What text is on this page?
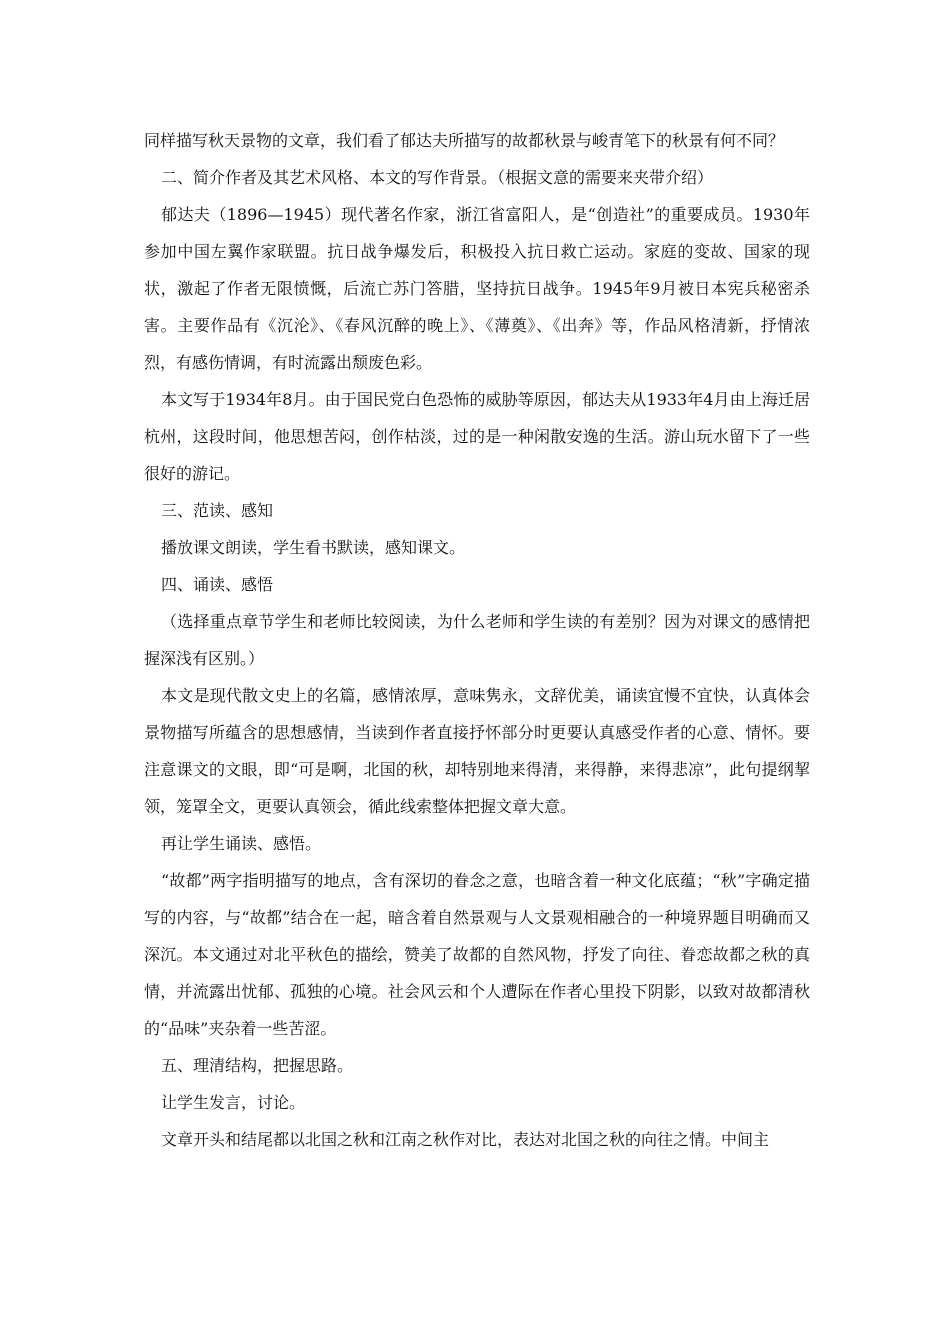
同样描写秋天景物的文章，我们看了郁达夫所描写的故都秋景与峻青笔下的秋景有何不同？

二、简介作者及其艺术风格、本文的写作背景。（根据文意的需要来夹带介绍）

郁达夫（1896—1945）现代著名作家，浙江省富阳人，是“创造社”的重要成员。1930年参加中国左翼作家联盟。抗日战争爆发后，积极投入抗日救亡运动。家庭的变故、国家的现状，激起了作者无限愤慨，后流亡苏门答腊，坚持抗日战争。1945年9月被日本宪兵秘密杀害。主要作品有《沉沦》、《春风沉醉的晚上》、《薄奠》、《出奔》等，作品风格清新，抒情浓烈，有感伤情调，有时流露出颓废色彩。

本文写于1934年8月。由于国民党白色恐怖的威胁等原因，郁达夫从1933年4月由上海迁居杭州，这段时间，他思想苦闷，创作枯淡，过的是一种闲散安逸的生活。游山玩水留下了一些很好的游记。

三、范读、感知

播放课文朗读，学生看书默读，感知课文。

四、诵读、感悟

（选择重点章节学生和老师比较阅读，为什么老师和学生读的有差别？因为对课文的感情把握深浅有区别。）

本文是现代散文史上的名篇，感情浓厚，意味隽永，文辞优美，诵读宜慢不宜快，认真体会景物描写所蕴含的思想感情，当读到作者直接抒怀部分时更要认真感受作者的心意、情怀。要注意课文的文眼，即“可是啊，北国的秋，却特别地来得清，来得静，来得悲凉”，此句提纲挈领，笼罩全文，更要认真领会，循此线索整体把握文章大意。

再让学生诵读、感悟。

“故都”两字指明描写的地点，含有深切的眷念之意，也暗含着一种文化底蕴；“秋”字确定描写的内容，与“故都”结合在一起，暗含着自然景观与人文景观相融合的一种境界题目明确而又深沉。本文通过对北平秋色的描绘，赞美了故都的自然风物，抒发了向往、眷恋故都之秋的真情，并流露出忧郁、孤独的心境。社会风云和个人遭际在作者心里投下阴影，以致对故都清秋的“品味”夹杂着一些苦涩。

五、理清结构，把握思路。

让学生发言，讨论。

文章开头和结尾都以北国之秋和江南之秋作对比，表达对北国之秋的向往之情。中间主
